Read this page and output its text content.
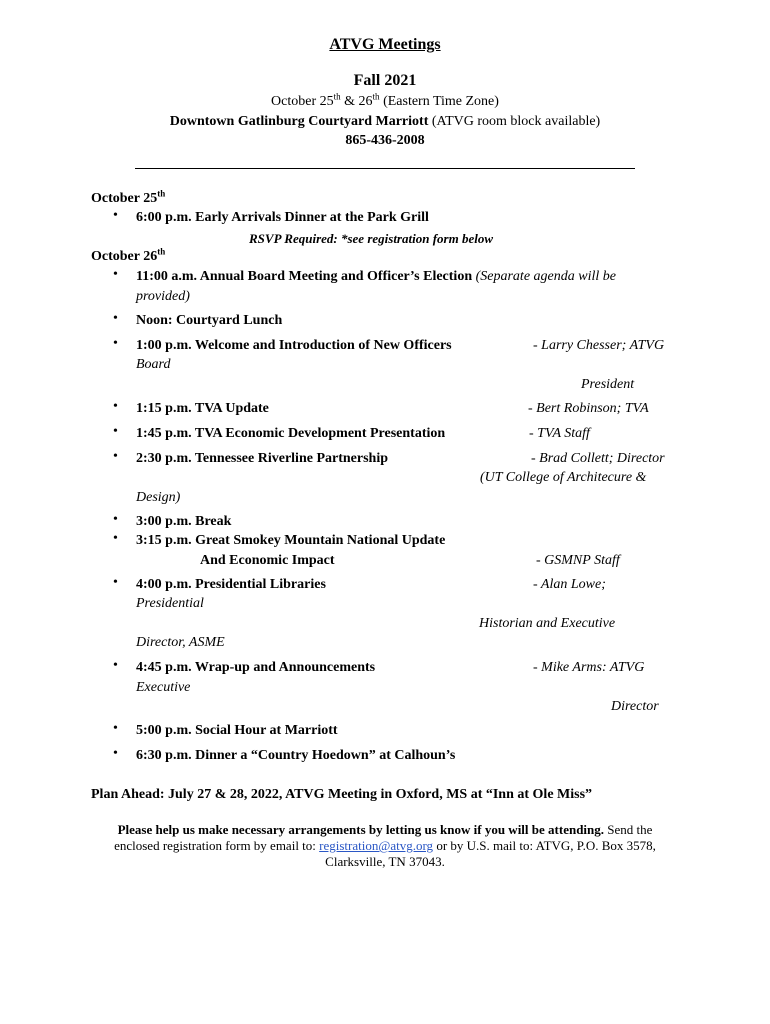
ATVG Meetings
Fall 2021
October 25th & 26th (Eastern Time Zone)
Downtown Gatlinburg Courtyard Marriott (ATVG room block available)
865-436-2008
October 25th
• 6:00 p.m. Early Arrivals Dinner at the Park Grill
RSVP Required: *see registration form below
October 26th
• 11:00 a.m. Annual Board Meeting and Officer’s Election (Separate agenda will be
provided)
• Noon: Courtyard Lunch
• 1:00 p.m. Welcome and Introduction of New Officers	- Larry Chesser; ATVG
Board
President
• 1:15 p.m. TVA Update	- Bert Robinson; TVA
• 1:45 p.m. TVA Economic Development Presentation	- TVA Staff
• 2:30 p.m. Tennessee Riverline Partnership	- Brad Collett; Director
(UT College of Architecure &
Design)
• 3:00 p.m. Break
• 3:15 p.m. Great Smokey Mountain National Update
And Economic Impact	- GSMNP Staff
• 4:00 p.m. Presidential Libraries	- Alan Lowe;
Presidential
Historian and Executive
Director, ASME
• 4:45 p.m. Wrap-up and Announcements	- Mike Arms: ATVG
Executive
Director
• 5:00 p.m. Social Hour at Marriott
• 6:30 p.m. Dinner a “Country Hoedown” at Calhoun’s
Plan Ahead: July 27 & 28, 2022, ATVG Meeting in Oxford, MS at “Inn at Ole Miss”
Please help us make necessary arrangements by letting us know if you will be attending. Send the
enclosed registration form by email to: registration@atvg.org or by U.S. mail to: ATVG, P.O. Box 3578,
Clarksville, TN 37043.
